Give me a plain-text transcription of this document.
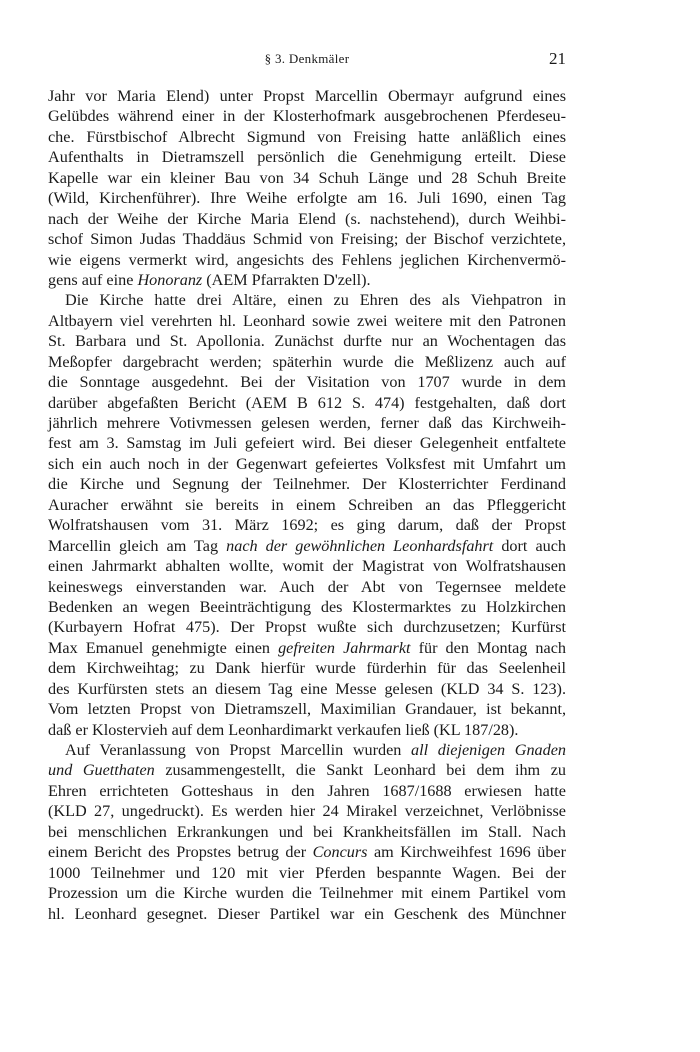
§ 3. Denkmäler	21
Jahr vor Maria Elend) unter Propst Marcellin Obermayr aufgrund eines
Gelübdes während einer in der Klosterhofmark ausgebrochenen Pferdeseu-
che. Fürstbischof Albrecht Sigmund von Freising hatte anläßlich eines
Aufenthalts in Dietramszell persönlich die Genehmigung erteilt. Diese
Kapelle war ein kleiner Bau von 34 Schuh Länge und 28 Schuh Breite
(Wild, Kirchenführer). Ihre Weihe erfolgte am 16. Juli 1690, einen Tag
nach der Weihe der Kirche Maria Elend (s. nachstehend), durch Weihbi-
schof Simon Judas Thaddäus Schmid von Freising; der Bischof verzichtete,
wie eigens vermerkt wird, angesichts des Fehlens jeglichen Kirchenvermö-
gens auf eine Honoranz (AEM Pfarrakten D'zell).
Die Kirche hatte drei Altäre, einen zu Ehren des als Viehpatron in
Altbayern viel verehrten hl. Leonhard sowie zwei weitere mit den Patronen
St. Barbara und St. Apollonia. Zunächst durfte nur an Wochentagen das
Meßopfer dargebracht werden; späterhin wurde die Meßlizenz auch auf
die Sonntage ausgedehnt. Bei der Visitation von 1707 wurde in dem
darüber abgefaßten Bericht (AEM B 612 S. 474) festgehalten, daß dort
jährlich mehrere Votivmessen gelesen werden, ferner daß das Kirchweih-
fest am 3. Samstag im Juli gefeiert wird. Bei dieser Gelegenheit entfaltete
sich ein auch noch in der Gegenwart gefeiertes Volksfest mit Umfahrt um
die Kirche und Segnung der Teilnehmer. Der Klosterrichter Ferdinand
Auracher erwähnt sie bereits in einem Schreiben an das Pfleggericht
Wolfratshausen vom 31. März 1692; es ging darum, daß der Propst
Marcellin gleich am Tag nach der gewöhnlichen Leonhardsfahrt dort auch
einen Jahrmarkt abhalten wollte, womit der Magistrat von Wolfratshausen
keineswegs einverstanden war. Auch der Abt von Tegernsee meldete
Bedenken an wegen Beeinträchtigung des Klostermarktes zu Holzkirchen
(Kurbayern Hofrat 475). Der Propst wußte sich durchzusetzen; Kurfürst
Max Emanuel genehmigte einen gefreiten Jahrmarkt für den Montag nach
dem Kirchweihtag; zu Dank hierfür wurde fürderhin für das Seelenheil
des Kurfürsten stets an diesem Tag eine Messe gelesen (KLD 34 S. 123).
Vom letzten Propst von Dietramszell, Maximilian Grandauer, ist bekannt,
daß er Klostervieh auf dem Leonhardimarkt verkaufen ließ (KL 187/28).
Auf Veranlassung von Propst Marcellin wurden all diejenigen Gnaden
und Guetthaten zusammengestellt, die Sankt Leonhard bei dem ihm zu
Ehren errichteten Gotteshaus in den Jahren 1687/1688 erwiesen hatte
(KLD 27, ungedruckt). Es werden hier 24 Mirakel verzeichnet, Verlöbnisse
bei menschlichen Erkrankungen und bei Krankheitsfällen im Stall. Nach
einem Bericht des Propstes betrug der Concurs am Kirchweihfest 1696 über
1000 Teilnehmer und 120 mit vier Pferden bespannte Wagen. Bei der
Prozession um die Kirche wurden die Teilnehmer mit einem Partikel vom
hl. Leonhard gesegnet. Dieser Partikel war ein Geschenk des Münchner
